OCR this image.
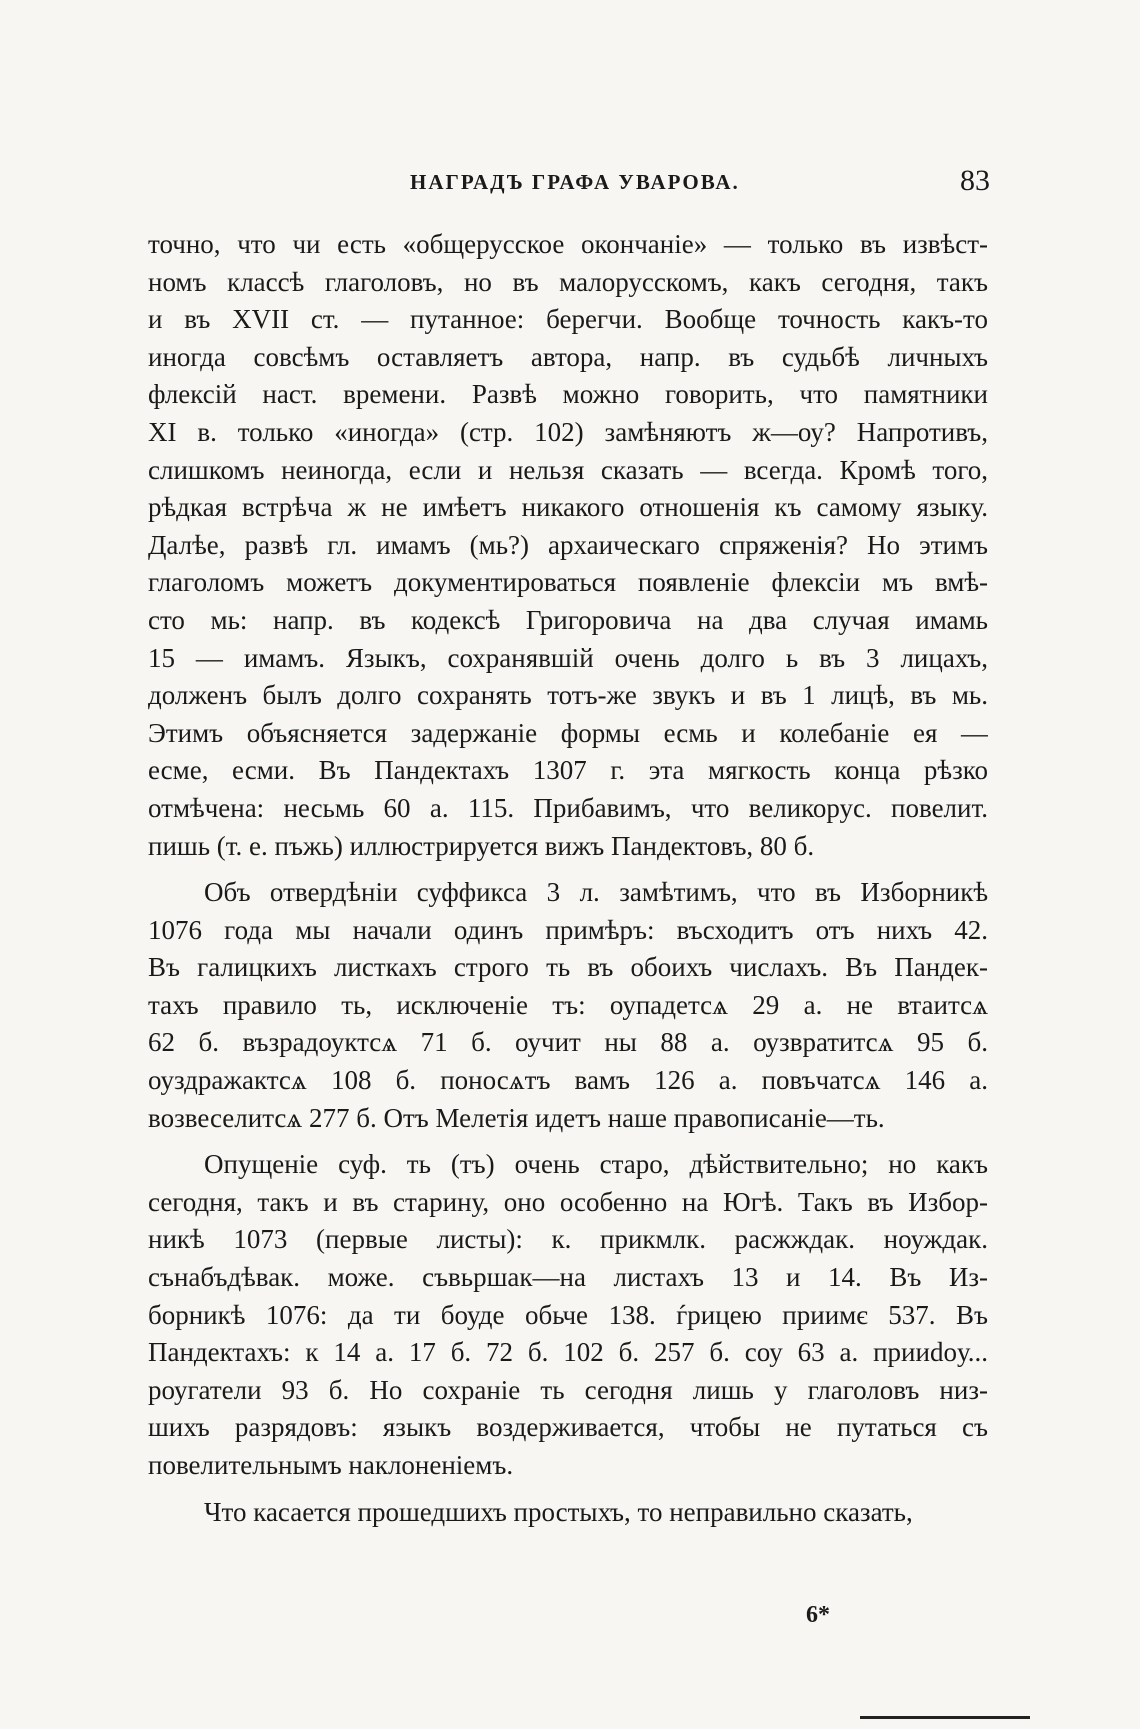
НАГРАДЪ ГРАФА УВАРОВА.	83
точно, что чи есть «общерусское окончаніе» — только въ извѣст-
номъ классѣ глаголовъ, но въ малорусскомъ, какъ сегодня, такъ
и въ XVII ст. — путанное: берегчи. Вообще точность какъ-то
иногда совсѣмъ оставляетъ автора, напр. въ судьбѣ личныхъ
флексій наст. времени. Развѣ можно говорить, что памятники
XI в. только «иногда» (стр. 102) замѣняютъ ж—оу? Напротивъ,
слишкомъ неиногда, если и нельзя сказать — всегда. Кромѣ того,
рѣдкая встрѣча ж не имѣетъ никакого отношенія къ самому языку.
Далѣе, развѣ гл. имамъ (мь?) архаическаго спряженія? Но этимъ
глаголомъ можетъ документироваться появленіе флексіи мъ вмѣ-
сто мь: напр. въ кодексѣ Григоровича на два случая имамь
15 — имамъ. Языкъ, сохранявшій очень долго ь въ 3 лицахъ,
долженъ былъ долго сохранять тотъ-же звукъ и въ 1 лицѣ, въ мь.
Этимъ объясняется задержаніе формы есмь и колебаніе ея —
есме, есми. Въ Пандектахъ 1307 г. эта мягкость конца рѣзко
отмѣчена: несьмь 60 а. 115. Прибавимъ, что великорус. повелит.
пишь (т. е. пъжь) иллюстрируется вижъ Пандектовъ, 80 б.
Объ отвердѣніи суффикса 3 л. замѣтимъ, что въ Изборникѣ
1076 года мы начали одинъ примѣръ: въсходитъ отъ нихъ 42.
Въ галицкихъ листкахъ строго ть въ обоихъ числахъ. Въ Пандек-
тахъ правило ть, исключеніе тъ: оупадетсѧ 29 а. не втаитсѧ
62 б. възрадоуктсѧ 71 б. оучит ны 88 а. оузвратитсѧ 95 б.
оуздражактсѧ 108 б. поносѧтъ вамъ 126 а. повъчатсѧ 146 а.
возвеселитсѧ 277 б. Отъ Мелетія идетъ наше правописаніе—ть.
Опущеніе суф. ть (тъ) очень старо, дѣйствительно; но какъ
сегодня, такъ и въ старину, оно особенно на Югѣ. Такъ въ Избор-
никѣ 1073 (первые листы): к. прикмлк. расжждак. ноуждак.
сънабъдѣвак. може. съвьршак—на листахъ 13 и 14. Въ Из-
борникѣ 1076: да ти боуде обьче 138. ѓрицею приимє 537. Въ
Пандектахъ: к 14 а. 17 б. 72 б. 102 б. 257 б. соу 63 а. прииdoу...
роугатели 93 б. Но сохраніе ть сегодня лишь у глаголовъ низ-
шихъ разрядовъ: языкъ воздерживается, чтобы не путаться съ
повелительнымъ наклоненіемъ.
Что касается прошедшихъ простыхъ, то неправильно сказать,
6*
